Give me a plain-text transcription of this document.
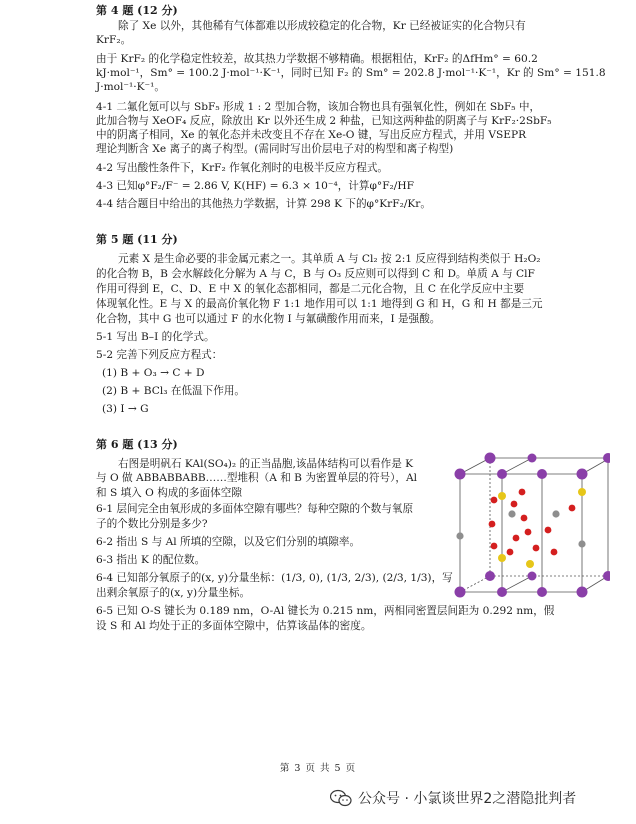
第 4 题 (12 分)
除了 Xe 以外，其他稀有气体都难以形成较稳定的化合物，Kr 已经被证实的化合物只有
KrF₂。
由于 KrF₂ 的化学稳定性较差，故其热力学数据不够精确。根据粗估，KrF₂ 的ΔfHm° = 60.2
kJ·mol⁻¹，Sm° = 100.2 J·mol⁻¹·K⁻¹，同时已知 F₂ 的 Sm° = 202.8 J·mol⁻¹·K⁻¹，Kr 的 Sm° = 151.8
J·mol⁻¹·K⁻¹。
4-1 二氟化氪可以与 SbF₅ 形成 1 : 2 型加合物，该加合物也具有强氧化性，例如在 SbF₅ 中，
此加合物与 XeOF₄ 反应，除放出 Kr 以外还生成 2 种盐，已知这两种盐的阴离子与 KrF₂·2SbF₅
中的阴离子相同，Xe 的氧化态并未改变且不存在 Xe-O 键，写出反应方程式，并用 VSEPR
理论判断含 Xe 离子的离子构型。(需同时写出价层电子对的构型和离子构型)
4-2 写出酸性条件下，KrF₂ 作氧化剂时的电极半反应方程式。
4-3 已知φ°F₂/F⁻ = 2.86 V, K(HF) = 6.3 × 10⁻⁴，计算φ°F₂/HF
4-4 结合题目中给出的其他热力学数据，计算 298 K 下的φ°KrF₂/Kr。
第 5 题 (11 分)
元素 X 是生命必要的非金属元素之一。其单质 A 与 Cl₂ 按 2:1 反应得到结构类似于 H₂O₂
的化合物 B，B 会水解歧化分解为 A 与 C，B 与 O₃ 反应则可以得到 C 和 D。单质 A 与 ClF
作用可得到 E，C、D、E 中 X 的氧化态都相同，都是二元化合物，且 C 在化学反应中主要
体现氧化性。E 与 X 的最高价氧化物 F 1:1 地作用可以 1:1 地得到 G 和 H，G 和 H 都是三元
化合物，其中 G 也可以通过 F 的水化物 I 与氟磺酸作用而来，I 是强酸。
5-1 写出 B–I 的化学式。
5-2 完善下列反应方程式：
(1) B + O₃ → C + D
(2) B + BCl₃ 在低温下作用。
(3) I → G
第 6 题 (13 分)
右图是明矾石 KAl(SO₄)₂ 的正当晶胞,该晶体结构可以看作是 K
与 O 做 ABBABBABB……型堆积（A 和 B 为密置单层的符号），Al
和 S 填入 O 构成的多面体空隙
6-1 层间完全由氧形成的多面体空隙有哪些？每种空隙的个数与氧原
子的个数比分别是多少?
6-2 指出 S 与 Al 所填的空隙，以及它们分别的填隙率。
6-3 指出 K 的配位数。
6-4 已知部分氧原子的(x, y)分量坐标：(1/3, 0), (1/3, 2/3), (2/3, 1/3)，写
出剩余氧原子的(x, y)分量坐标。
6-5 已知 O-S 键长为 0.189 nm，O-Al 键长为 0.215 nm，两相同密置层间距为 0.292 nm，假
设 S 和 Al 均处于正的多面体空隙中，估算该晶体的密度。
第 3 页 共 5 页
公众号 · 小氯谈世界2之潜隐批判者
